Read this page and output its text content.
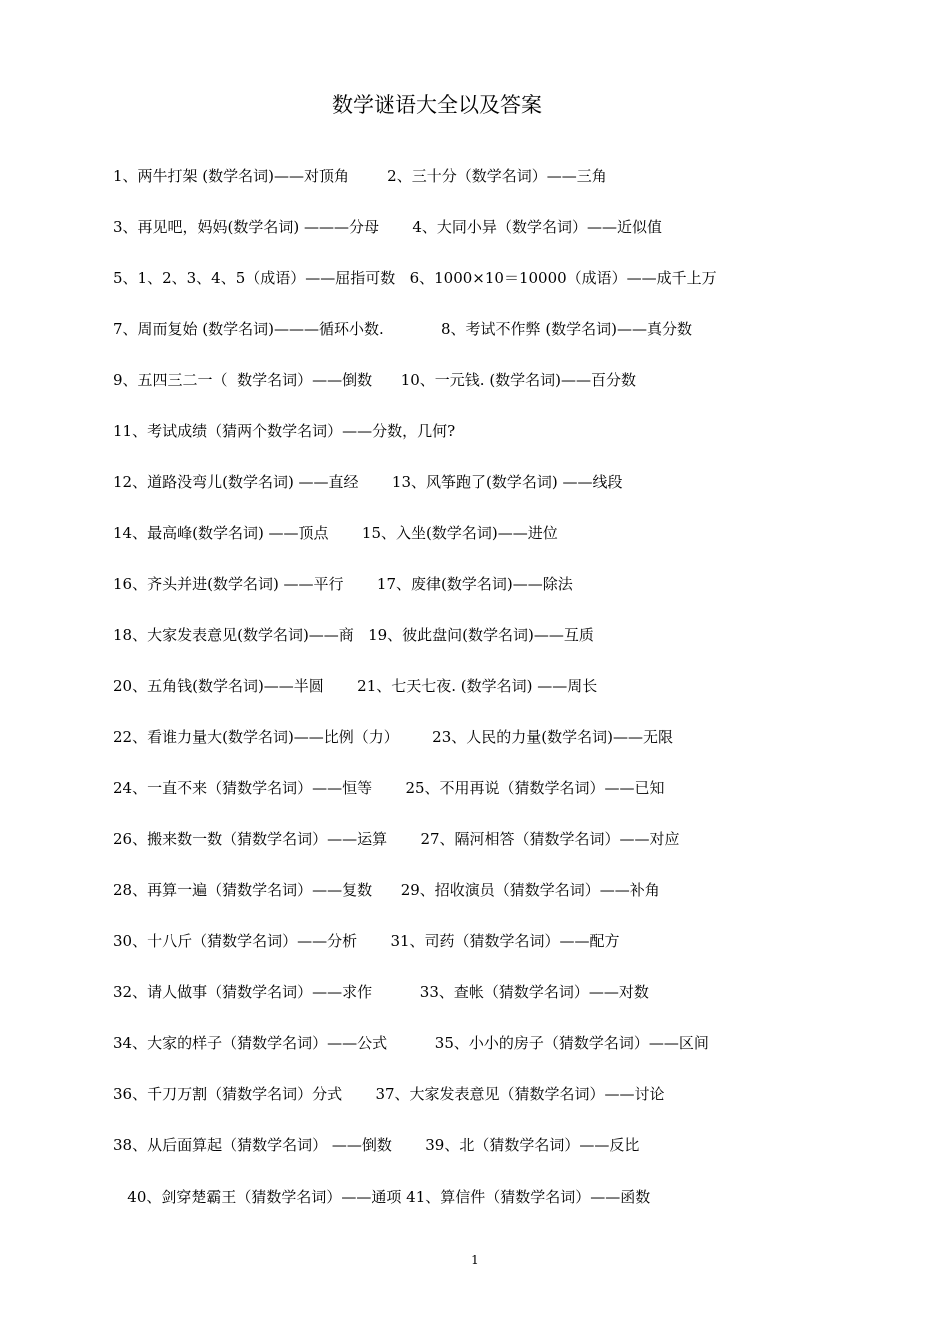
数学谜语大全以及答案
1、两牛打架 (数学名词)——对顶角        2、三十分（数学名词）——三角
3、再见吧，妈妈(数学名词) ———分母       4、大同小异（数学名词）——近似值
5、1、2、3、4、5（成语）——屈指可数   6、1000×10＝10000（成语）——成千上万
7、周而复始 (数学名词)———循环小数.            8、考试不作弊 (数学名词)——真分数
9、五四三二一（  数学名词）——倒数      10、一元钱. (数学名词)——百分数
11、考试成绩（猜两个数学名词）——分数，几何?
12、道路没弯儿(数学名词) ——直经       13、风筝跑了(数学名词) ——线段
14、最高峰(数学名词) ——顶点       15、入坐(数学名词)——进位
16、齐头并进(数学名词) ——平行       17、废律(数学名词)——除法
18、大家发表意见(数学名词)——商   19、彼此盘问(数学名词)——互质
20、五角钱(数学名词)——半圆       21、七天七夜. (数学名词) ——周长
22、看谁力量大(数学名词)——比例（力）       23、人民的力量(数学名词)——无限
24、一直不来（猜数学名词）——恒等       25、不用再说（猜数学名词）——已知
26、搬来数一数（猜数学名词）——运算       27、隔河相答（猜数学名词）——对应
28、再算一遍（猜数学名词）——复数      29、招收演员（猜数学名词）——补角
30、十八斤（猜数学名词）——分析       31、司药（猜数学名词）——配方
32、请人做事（猜数学名词）——求作          33、查帐（猜数学名词）——对数
34、大家的样子（猜数学名词）——公式          35、小小的房子（猜数学名词）——区间
36、千刀万割（猜数学名词）分式       37、大家发表意见（猜数学名词）——讨论
38、从后面算起（猜数学名词） ——倒数       39、北（猜数学名词）——反比
40、剑穿楚霸王（猜数学名词）——通项 41、算信件（猜数学名词）——函数
1
